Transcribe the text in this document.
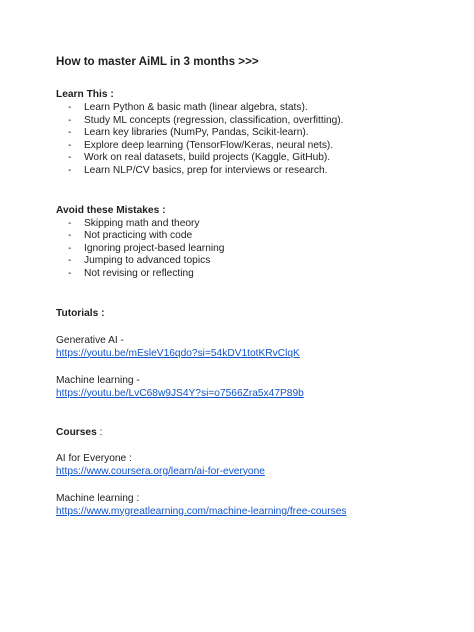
How to master AiML in 3 months >>>

Learn This :

- Learn Python & basic math (linear algebra, stats).
- Study ML concepts (regression, classification, overfitting).
- Learn key libraries (NumPy, Pandas, Scikit-learn).
- Explore deep learning (TensorFlow/Keras, neural nets).
- Work on real datasets, build projects (Kaggle, GitHub).
- Learn NLP/CV basics, prep for interviews or research.

Avoid these Mistakes :

- Skipping math and theory
- Not practicing with code
- Ignoring project-based learning
- Jumping to advanced topics
- Not revising or reflecting

Tutorials :

Generative AI -

https://youtu.be/mEsleV16qdo?si=54kDV1totKRvClqK

Machine learning -

https://youtu.be/LvC68w9JS4Y?si=o7566Zra5x47P89b

Courses :

AI for Everyone :

https://www.coursera.org/learn/ai-for-everyone

Machine learning :

https://www.mygreatlearning.com/machine-learning/free-courses
